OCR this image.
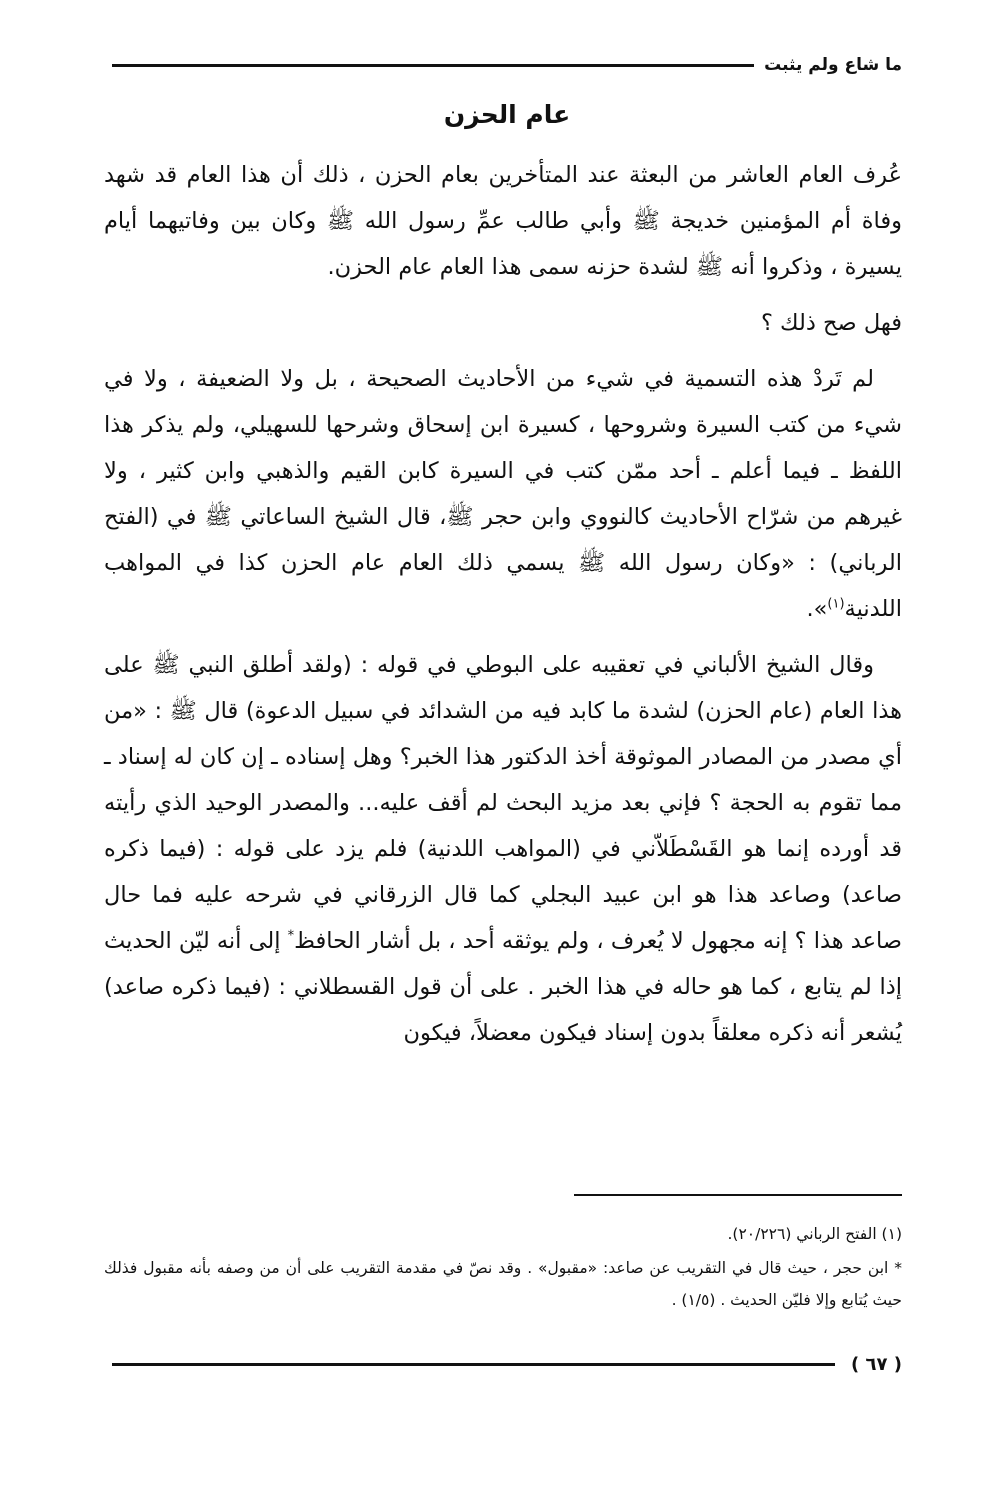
ما شاع ولم يثبت
عام الحزن

عُرف العام العاشر من البعثة عند المتأخرين بعام الحزن ، ذلك أن هذا العام قد شهد وفاة أم المؤمنين خديجة ﷺ وأبي طالب عمِّ رسول الله ﷺ وكان بين وفاتيهما أيام يسيرة ، وذكروا أنه ﷺ لشدة حزنه سمى هذا العام عام الحزن.

فهل صح ذلك ؟

لم تَردْ هذه التسمية في شيء من الأحاديث الصحيحة ، بل ولا الضعيفة ، ولا في شيء من كتب السيرة وشروحها ، كسيرة ابن إسحاق وشرحها للسهيلي، ولم يذكر هذا اللفظ ـ فيما أعلم ـ أحد ممّن كتب في السيرة كابن القيم والذهبي وابن كثير ، ولا غيرهم من شرّاح الأحاديث كالنووي وابن حجر ﷺ، قال الشيخ الساعاتي ﷺ في (الفتح الرباني) : «وكان رسول الله ﷺ يسمي ذلك العام عام الحزن كذا في المواهب اللدنية$^{(١)}$».

وقال الشيخ الألباني في تعقيبه على البوطي في قوله : (ولقد أطلق النبي ﷺ على هذا العام (عام الحزن) لشدة ما كابد فيه من الشدائد في سبيل الدعوة) قال ﷺ : «من أي مصدر من المصادر الموثوقة أخذ الدكتور هذا الخبر؟ وهل إسناده ـ إن كان له إسناد ـ مما تقوم به الحجة ؟ فإني بعد مزيد البحث لم أقف عليه... والمصدر الوحيد الذي رأيته قد أورده إنما هو القَسْطَلاّني في (المواهب اللدنية) فلم يزد على قوله : (فيما ذكره صاعد) وصاعد هذا هو ابن عبيد البجلي كما قال الزرقاني في شرحه عليه فما حال صاعد هذا ؟ إنه مجهول لا يُعرف ، ولم يوثقه أحد ، بل أشار الحافظ* إلى أنه ليّن الحديث إذا لم يتابع ، كما هو حاله في هذا الخبر . على أن قول القسطلاني : (فيما ذكره صاعد) يُشعر أنه ذكره معلقاً بدون إسناد فيكون معضلاً، فيكون

(١) الفتح الرباني (٢٠/٢٢٦).

* ابن حجر ، حيث قال في التقريب عن صاعد: «مقبول» . وقد نصّ في مقدمة التقريب على أن من وصفه بأنه مقبول فذلك حيث يُتابع وإلا فليّن الحديث . (١/٥) .

( ٦٧ )
